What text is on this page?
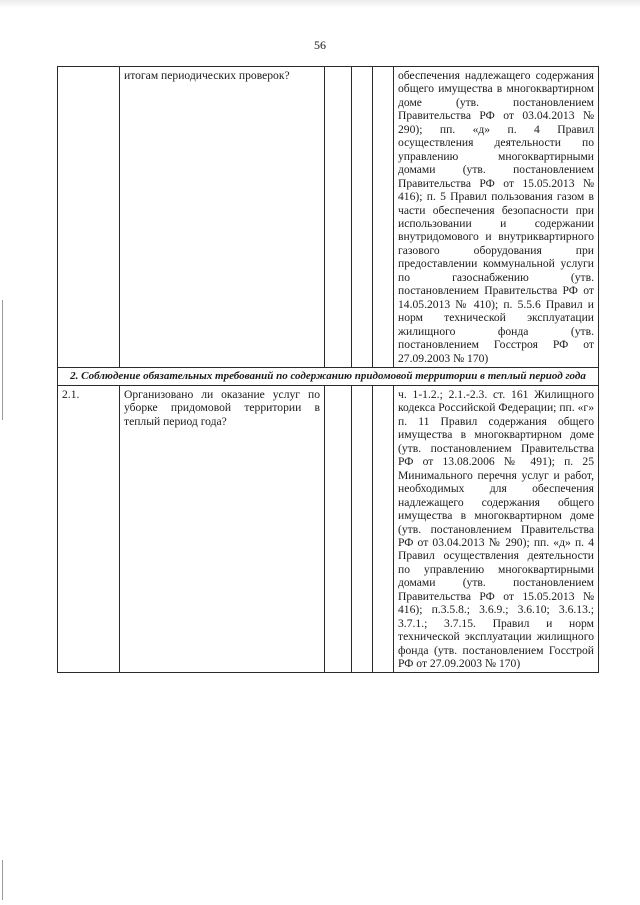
56
	итогам периодических проверок?				обеспечения надлежащего содержания общего имущества в многоквартирном доме (утв. постановлением Правительства РФ от 03.04.2013 № 290); пп. «д» п. 4 Правил осуществления деятельности по управлению многоквартирными домами (утв. постановлением Правительства РФ от 15.05.2013 № 416); п. 5 Правил пользования газом в части обеспечения безопасности при использовании и содержании внутридомового и внутриквартирного газового оборудования при предоставлении коммунальной услуги по газоснабжению (утв. постановлением Правительства РФ от 14.05.2013 № 410); п. 5.5.6 Правил и норм технической эксплуатации жилищного фонда (утв. постановлением Госстроя РФ от 27.09.2003 № 170)
2. Соблюдение обязательных требований по содержанию придомовой территории в теплый период года					
2.1.	Организовано ли оказание услуг по уборке придомовой территории в теплый период года?				ч. 1-1.2.; 2.1.-2.3. ст. 161 Жилищного кодекса Российской Федерации; пп. «г» п. 11 Правил содержания общего имущества в многоквартирном доме (утв. постановлением Правительства РФ от 13.08.2006 № 491); п. 25 Минимального перечня услуг и работ, необходимых для обеспечения надлежащего содержания общего имущества в многоквартирном доме (утв. постановлением Правительства РФ от 03.04.2013 № 290); пп. «д» п. 4 Правил осуществления деятельности по управлению многоквартирными домами (утв. постановлением Правительства РФ от 15.05.2013 № 416); п.3.5.8.; 3.6.9.; 3.6.10; 3.6.13.; 3.7.1.; 3.7.15. Правил и норм технической эксплуатации жилищного фонда (утв. постановлением Госстрой РФ от 27.09.2003 № 170)
